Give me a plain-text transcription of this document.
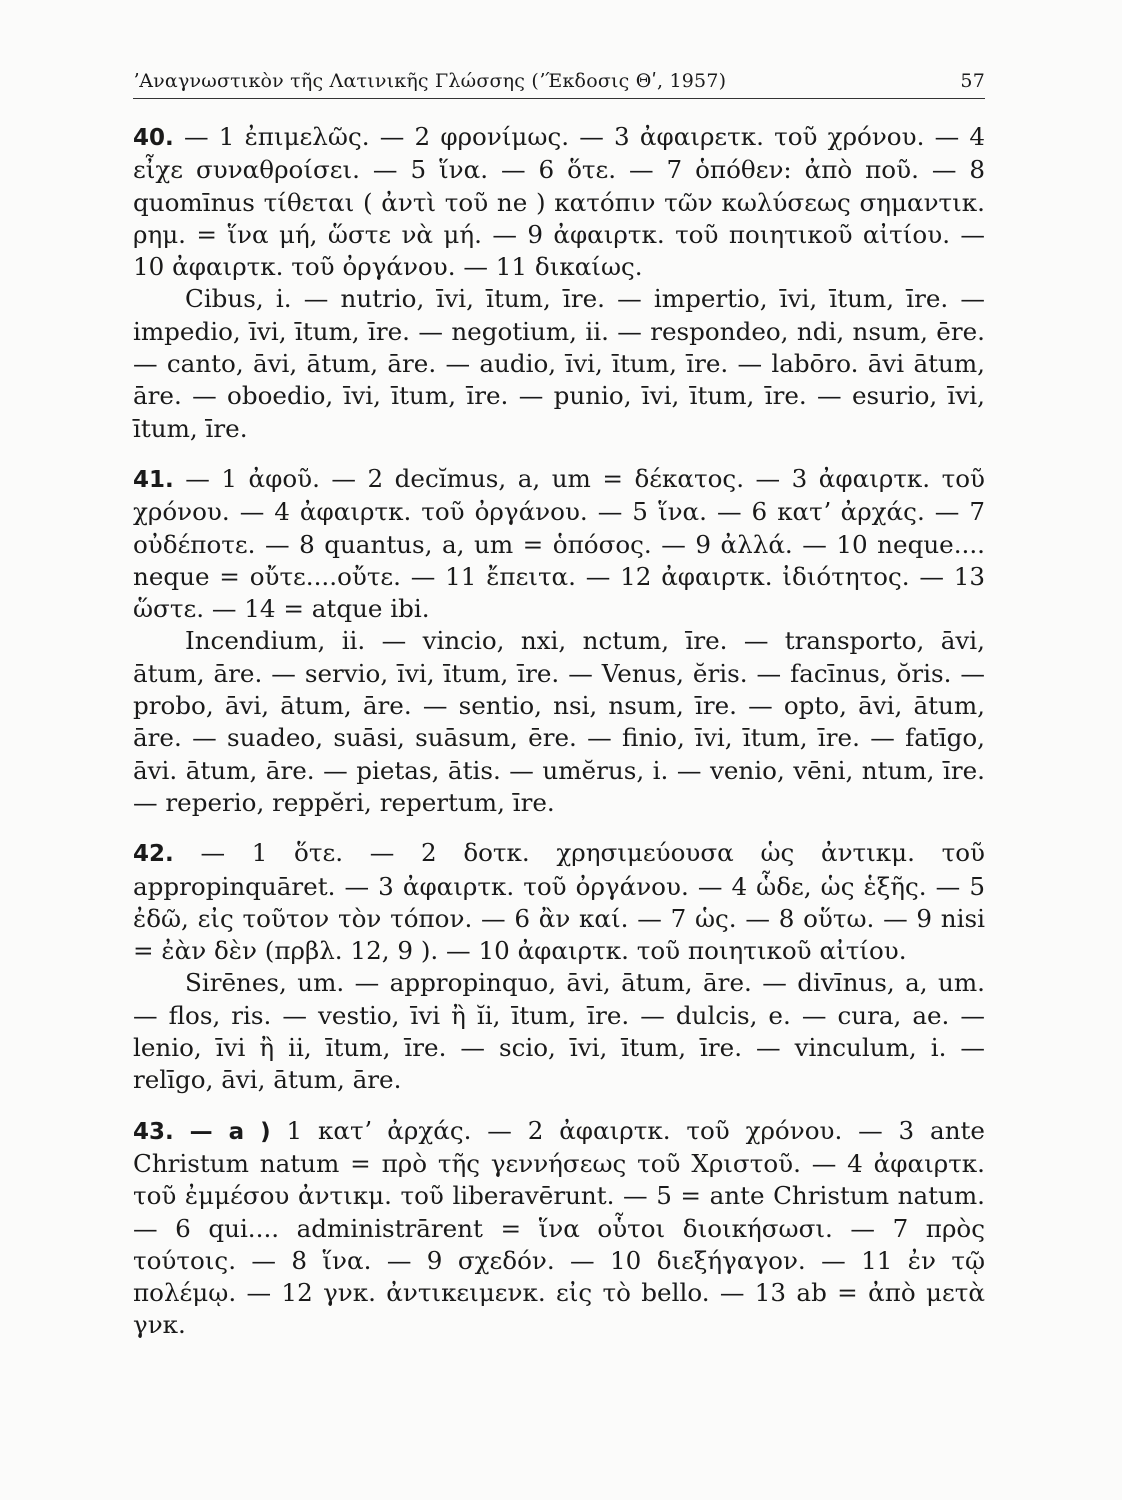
ʼΑναγνωστικὸν τῆς Λατινικῆς Γλώσσης (ʼΈκδοσις Θʹ, 1957)	57

40. — 1 ἐπιμελῶς. — 2 φρονίμως. — 3 ἀφαιρετκ. τοῦ χρόνου. — 4 εἶχε συναθροίσει. — 5 ἵνα. — 6 ὅτε. — 7 ὁπόθεν: ἀπὸ ποῦ. — 8 quomīnus τίθεται ( ἀντὶ τοῦ ne ) κατόπιν τῶν κωλύσεως σημαντικ. ρημ. = ἵνα μή, ὥστε νὰ μή. — 9 ἀφαιρτκ. τοῦ ποιητικοῦ αἰτίου. — 10 ἀφαιρτκ. τοῦ ὀργάνου. — 11 δικαίως.

Cibus, i. — nutrio, īvi, ītum, īre. — impertio, īvi, ītum, īre. — impedio, īvi, ītum, īre. — negotium, ii. — respondeo, ndi, nsum, ēre. — canto, āvi, ātum, āre. — audio, īvi, ītum, īre. — labōro. āvi ātum, āre. — oboedio, īvi, ītum, īre. — punio, īvi, ītum, īre. — esurio, īvi, ītum, īre.

41. — 1 ἀφοῦ. — 2 decĭmus, a, um = δέκατος. — 3 ἀφαιρτκ. τοῦ χρόνου. — 4 ἀφαιρτκ. τοῦ ὀργάνου. — 5 ἵνα. — 6 κατʼ ἀρχάς. — 7 οὐδέποτε. — 8 quantus, a, um = ὁπόσος. — 9 ἀλλά. — 10 neque.... neque = οὔτε....οὔτε. — 11 ἔπειτα. — 12 ἀφαιρτκ. ἰδιότητος. — 13 ὥστε. — 14 = atque ibi.

Incendium, ii. — vincio, nxi, nctum, īre. — transporto, āvi, ātum, āre. — servio, īvi, ītum, īre. — Venus, ĕris. — facīnus, ŏris. — probo, āvi, ātum, āre. — sentio, nsi, nsum, īre. — opto, āvi, ātum, āre. — suadeo, suāsi, suāsum, ēre. — finio, īvi, ītum, īre. — fatīgo, āvi. ātum, āre. — pietas, ātis. — umĕrus, i. — venio, vēni, ntum, īre. — reperio, reppĕri, repertum, īre.

42. — 1 ὅτε. — 2 δοτκ. χρησιμεύουσα ὡς ἀντικμ. τοῦ appropinquāret. — 3 ἀφαιρτκ. τοῦ ὀργάνου. — 4 ὧδε, ὡς ἑξῆς. — 5 ἐδῶ, εἰς τοῦτον τὸν τόπον. — 6 ἂν καί. — 7 ὡς. — 8 οὕτω. — 9 nisi = ἐὰν δὲν (πρβλ. 12, 9 ). — 10 ἀφαιρτκ. τοῦ ποιητικοῦ αἰτίου.

Sirēnes, um. — appropinquo, āvi, ātum, āre. — divīnus, a, um. — flos, ris. — vestio, īvi ἢ ĭi, ītum, īre. — dulcis, e. — cura, ae. — lenio, īvi ἢ ii, ītum, īre. — scio, īvi, ītum, īre. — vinculum, i. — relīgo, āvi, ātum, āre.

43. — a ) 1 κατʼ ἀρχάς. — 2 ἀφαιρτκ. τοῦ χρόνου. — 3 ante Christum natum = πρὸ τῆς γεννήσεως τοῦ Χριστοῦ. — 4 ἀφαιρτκ. τοῦ ἐμμέσου ἀντικμ. τοῦ liberavērunt. — 5 = ante Christum natum. — 6 qui.... administrārent = ἵνα οὗτοι διοικήσωσι. — 7 πρὸς τούτοις. — 8 ἵνα. — 9 σχεδόν. — 10 διεξήγαγον. — 11 ἐν τῷ πολέμῳ. — 12 γνκ. ἀντικειμενκ. εἰς τὸ bello. — 13 ab = ἀπὸ μετὰ γνκ.
